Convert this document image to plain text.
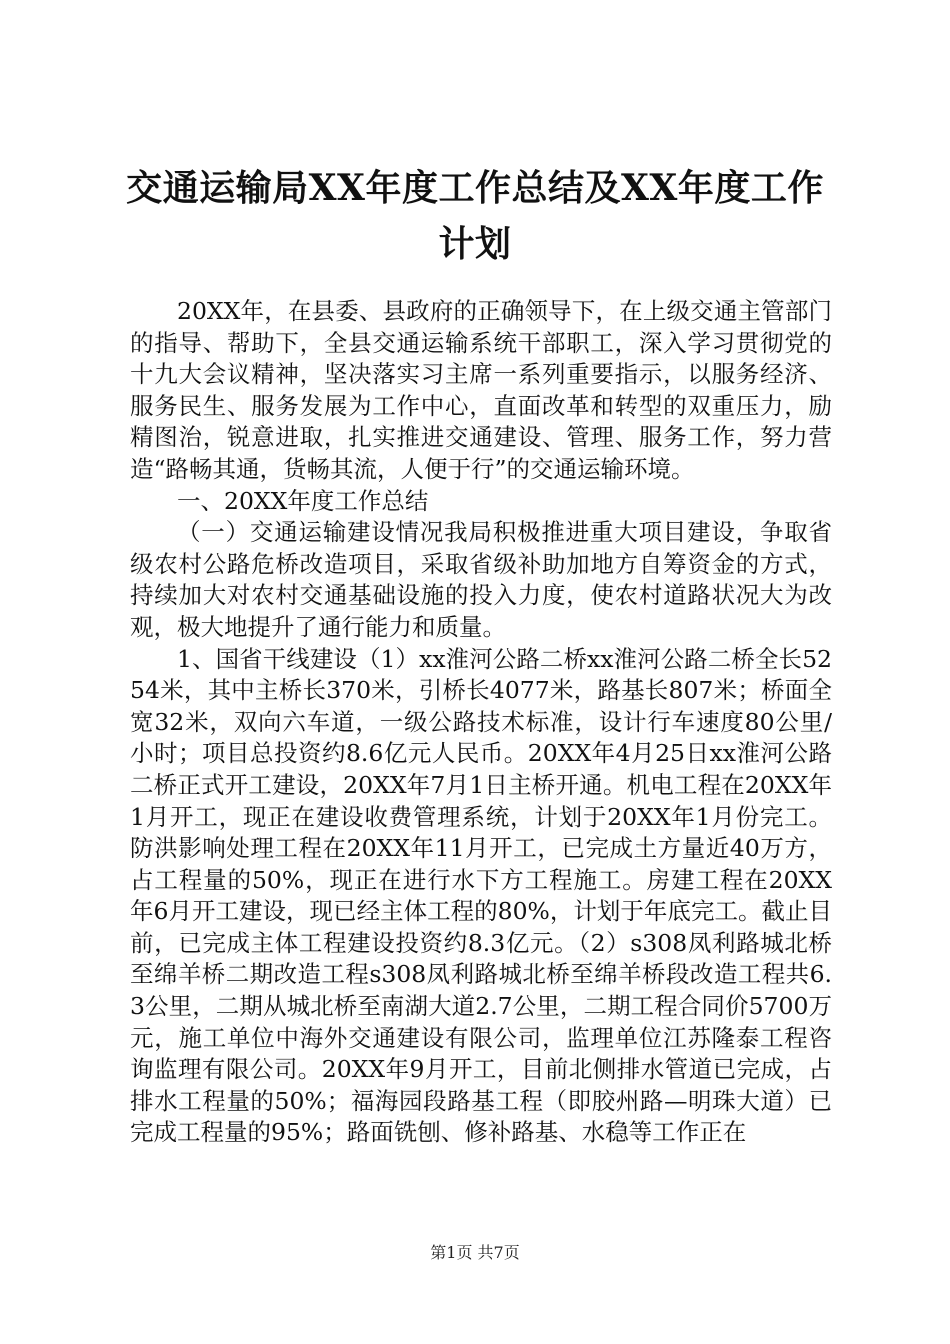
交通运输局XX年度工作总结及XX年度工作计划

20XX年，在县委、县政府的正确领导下，在上级交通主管部门的指导、帮助下，全县交通运输系统干部职工，深入学习贯彻党的十九大会议精神，坚决落实习主席一系列重要指示，以服务经济、服务民生、服务发展为工作中心，直面改革和转型的双重压力，励精图治，锐意进取，扎实推进交通建设、管理、服务工作，努力营造“路畅其通，货畅其流，人便于行”的交通运输环境。

一、20XX年度工作总结

（一）交通运输建设情况我局积极推进重大项目建设，争取省级农村公路危桥改造项目，采取省级补助加地方自筹资金的方式，持续加大对农村交通基础设施的投入力度，使农村道路状况大为改观，极大地提升了通行能力和质量。

1、国省干线建设（1）xx淮河公路二桥xx淮河公路二桥全长5254米，其中主桥长370米，引桥长4077米，路基长807米；桥面全宽32米，双向六车道，一级公路技术标准，设计行车速度80公里/小时；项目总投资约8.6亿元人民币。20XX年4月25日xx淮河公路二桥正式开工建设，20XX年7月1日主桥开通。机电工程在20XX年1月开工，现正在建设收费管理系统，计划于20XX年1月份完工。防洪影响处理工程在20XX年11月开工，已完成土方量近40万方，占工程量的50%，现正在进行水下方工程施工。房建工程在20XX年6月开工建设，现已经主体工程的80%，计划于年底完工。截止目前，已完成主体工程建设投资约8.3亿元。（2）s308凤利路城北桥至绵羊桥二期改造工程s308凤利路城北桥至绵羊桥段改造工程共6.3公里，二期从城北桥至南湖大道2.7公里，二期工程合同价5700万元，施工单位中海外交通建设有限公司，监理单位江苏隆泰工程咨询监理有限公司。20XX年9月开工，目前北侧排水管道已完成，占排水工程量的50%；福海园段路基工程（即胶州路—明珠大道）已完成工程量的95%；路面铣刨、修补路基、水稳等工作正在

第1页 共7页
